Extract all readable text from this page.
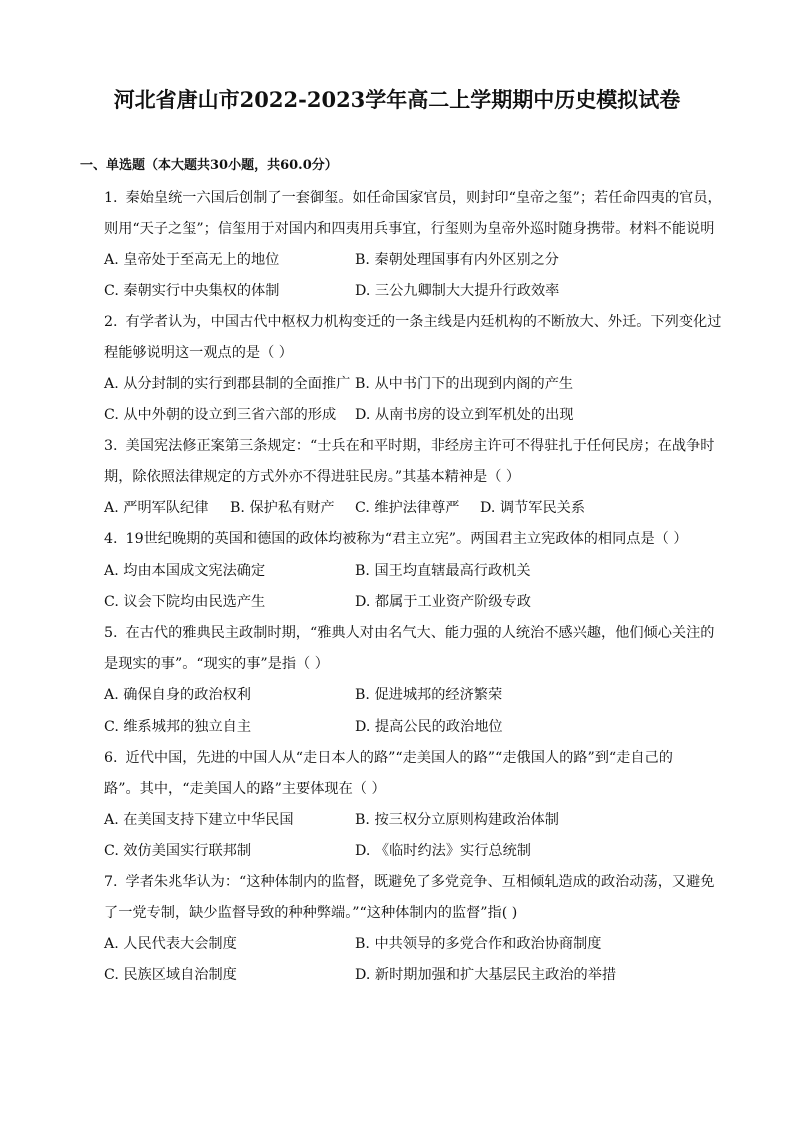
河北省唐山市2022-2023学年高二上学期期中历史模拟试卷
一、单选题（本大题共30小题，共60.0分）
1. 秦始皇统一六国后创制了一套御玺。如任命国家官员，则封印“皇帝之玺”；若任命四夷的官员，
则用“天子之玺”；信玺用于对国内和四夷用兵事宜，行玺则为皇帝外巡时随身携带。材料不能说明
A. 皇帝处于至高无上的地位	B. 秦朝处理国事有内外区别之分
C. 秦朝实行中央集权的体制	D. 三公九卿制大大提升行政效率
2. 有学者认为，中国古代中枢权力机构变迁的一条主线是内廷机构的不断放大、外迁。下列变化过
程能够说明这一观点的是（ ）
A. 从分封制的实行到郡县制的全面推广 B. 从中书门下的出现到内阁的产生
C. 从中外朝的设立到三省六部的形成 D. 从南书房的设立到军机处的出现
3. 美国宪法修正案第三条规定：“士兵在和平时期，非经房主许可不得驻扎于任何民房；在战争时
期，除依照法律规定的方式外亦不得进驻民房。”其基本精神是（ ）
A. 严明军队纪律 B. 保护私有财产 C. 维护法律尊严 D. 调节军民关系
4. 19世纪晚期的英国和德国的政体均被称为“君主立宪”。两国君主立宪政体的相同点是（ ）
A. 均由本国成文宪法确定	B. 国王均直辖最高行政机关
C. 议会下院均由民选产生	D. 都属于工业资产阶级专政
5. 在古代的雅典民主政制时期，“雅典人对由名气大、能力强的人统治不感兴趣，他们倾心关注的
是现实的事”。“现实的事”是指（ ）
A. 确保自身的政治权利	B. 促进城邦的经济繁荣
C. 维系城邦的独立自主	D. 提高公民的政治地位
6. 近代中国，先进的中国人从“走日本人的路”“走美国人的路”“走俄国人的路”到“走自己的
路”。其中，“走美国人的路”主要体现在（ ）
A. 在美国支持下建立中华民国	B. 按三权分立原则构建政治体制
C. 效仿美国实行联邦制	D. 《临时约法》实行总统制
7. 学者朱兆华认为：“这种体制内的监督，既避免了多党竞争、互相倾轧造成的政治动荡，又避免
了一党专制，缺少监督导致的种种弊端。”“这种体制内的监督”指( )
A. 人民代表大会制度	B. 中共领导的多党合作和政治协商制度
C. 民族区域自治制度	D. 新时期加强和扩大基层民主政治的举措
